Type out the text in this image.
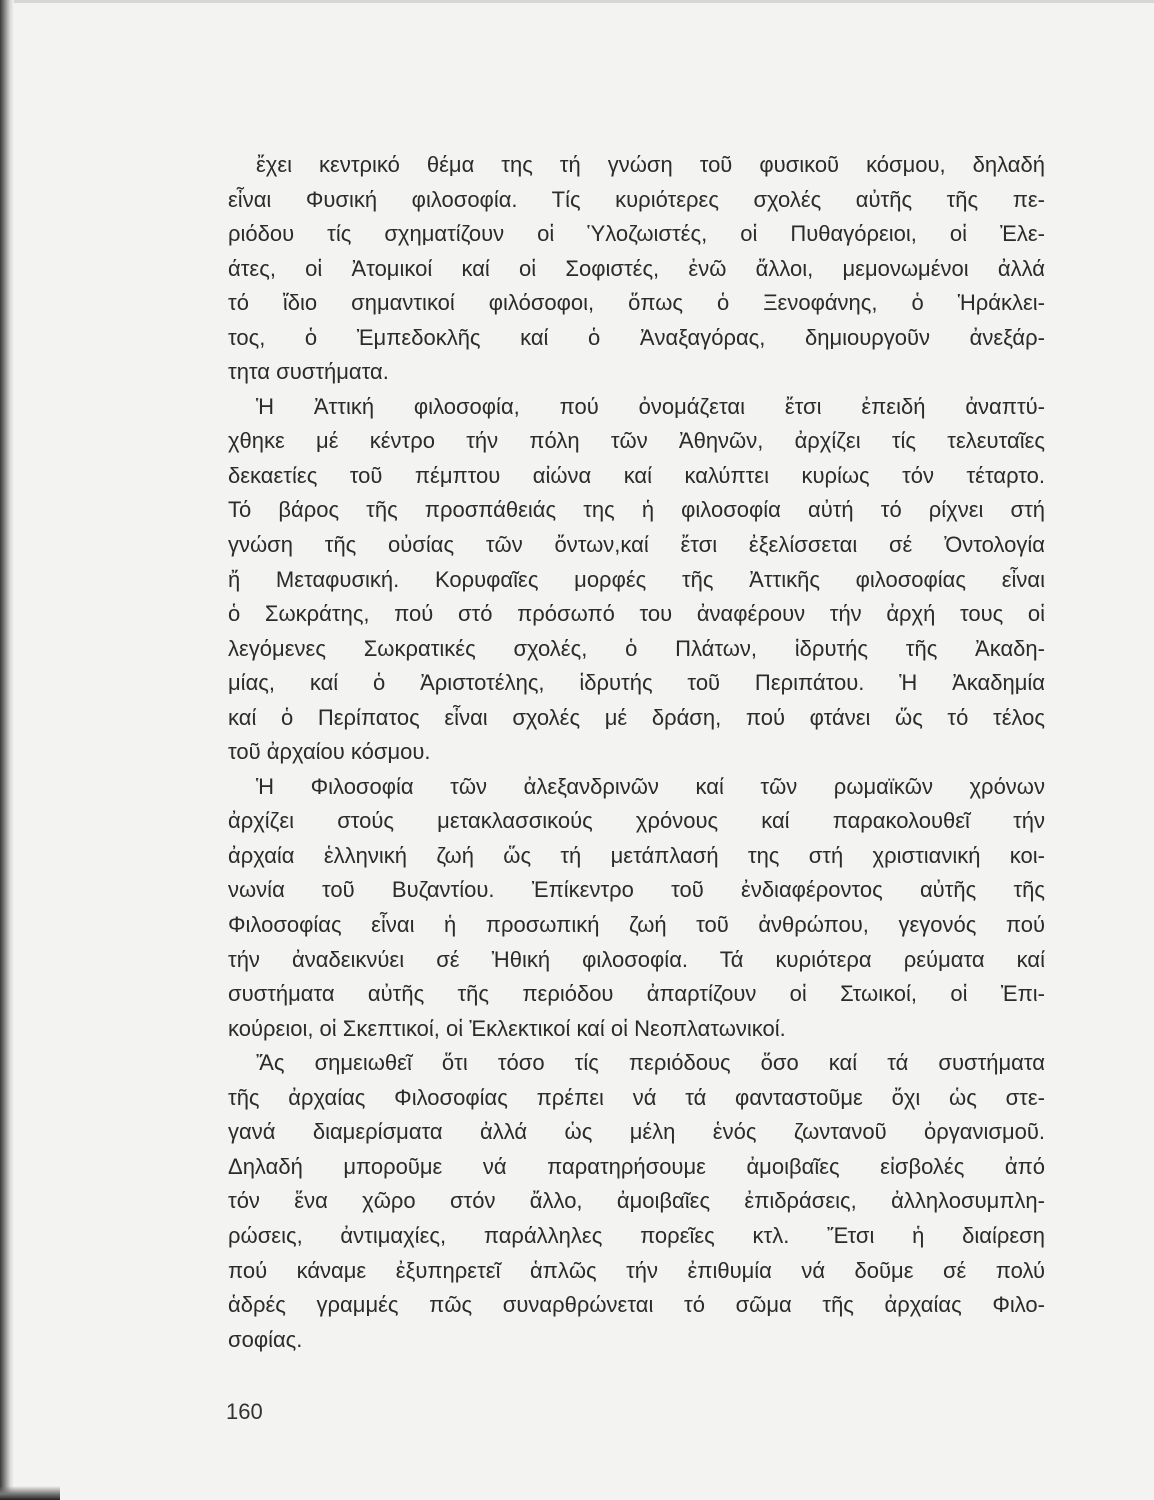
ἔχει κεντρικό θέμα της τή γνώση τοῦ φυσικοῦ κόσμου, δηλαδή
εἶναι Φυσική φιλοσοφία. Τίς κυριότερες σχολές αὐτῆς τῆς πε-
ριόδου τίς σχηματίζουν οἱ Ὑλοζωιστές, οἱ Πυθαγόρειοι, οἱ Ἐλε-
άτες, οἱ Ἀτομικοί καί οἱ Σοφιστές, ἐνῶ ἄλλοι, μεμονωμένοι ἀλλά
τό ἴδιο σημαντικοί φιλόσοφοι, ὅπως ὁ Ξενοφάνης, ὁ Ἡράκλει-
τος, ὁ Ἐμπεδοκλῆς καί ὁ Ἀναξαγόρας, δημιουργοῦν ἀνεξάρ-
τητα συστήματα.
Ἡ Ἀττική φιλοσοφία, πού ὀνομάζεται ἔτσι ἐπειδή ἀναπτύ-
χθηκε μέ κέντρο τήν πόλη τῶν Ἀθηνῶν, ἀρχίζει τίς τελευταῖες
δεκαετίες τοῦ πέμπτου αἰώνα καί καλύπτει κυρίως τόν τέταρτο.
Τό βάρος τῆς προσπάθειάς της ἡ φιλοσοφία αὐτή τό ρίχνει στή
γνώση τῆς οὐσίας τῶν ὄντων,καί ἔτσι ἐξελίσσεται σέ Ὀντολογία
ἤ Μεταφυσική. Κορυφαῖες μορφές τῆς Ἀττικῆς φιλοσοφίας εἶναι
ὁ Σωκράτης, πού στό πρόσωπό του ἀναφέρουν τήν ἀρχή τους οἱ
λεγόμενες Σωκρατικές σχολές, ὁ Πλάτων, ἱδρυτής τῆς Ἀκαδη-
μίας, καί ὁ Ἀριστοτέλης, ἱδρυτής τοῦ Περιπάτου. Ἡ Ἀκαδημία
καί ὁ Περίπατος εἶναι σχολές μέ δράση, πού φτάνει ὥς τό τέλος
τοῦ ἀρχαίου κόσμου.
Ἡ Φιλοσοφία τῶν ἀλεξανδρινῶν καί τῶν ρωμαϊκῶν χρόνων
ἀρχίζει στούς μετακλασσικούς χρόνους καί παρακολουθεῖ τήν
ἀρχαία ἑλληνική ζωή ὥς τή μετάπλασή της στή χριστιανική κοι-
νωνία τοῦ Βυζαντίου. Ἐπίκεντρο τοῦ ἐνδιαφέροντος αὐτῆς τῆς
Φιλοσοφίας εἶναι ἡ προσωπική ζωή τοῦ ἀνθρώπου, γεγονός πού
τήν ἀναδεικνύει σέ Ἠθική φιλοσοφία. Τά κυριότερα ρεύματα καί
συστήματα αὐτῆς τῆς περιόδου ἀπαρτίζουν οἱ Στωικοί, οἱ Ἐπι-
κούρειοι, οἱ Σκεπτικοί, οἱ Ἐκλεκτικοί καί οἱ Νεοπλατωνικοί.
Ἄς σημειωθεῖ ὅτι τόσο τίς περιόδους ὅσο καί τά συστήματα
τῆς ἀρχαίας Φιλοσοφίας πρέπει νά τά φανταστοῦμε ὄχι ὡς στε-
γανά διαμερίσματα ἀλλά ὡς μέλη ἑνός ζωντανοῦ ὀργανισμοῦ.
Δηλαδή μποροῦμε νά παρατηρήσουμε ἀμοιβαῖες εἰσβολές ἀπό
τόν ἕνα χῶρο στόν ἄλλο, ἀμοιβαῖες ἐπιδράσεις, ἀλληλοσυμπλη-
ρώσεις, ἀντιμαχίες, παράλληλες πορεῖες κτλ. Ἔτσι ἡ διαίρεση
πού κάναμε ἐξυπηρετεῖ ἁπλῶς τήν ἐπιθυμία νά δοῦμε σέ πολύ
ἁδρές γραμμές πῶς συναρθρώνεται τό σῶμα τῆς ἀρχαίας Φιλο-
σοφίας.
160
